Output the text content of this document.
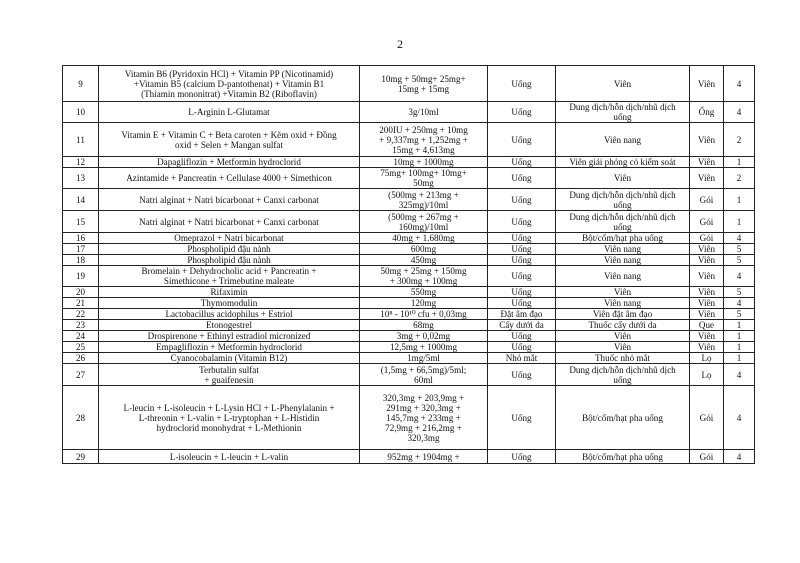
2
9	Vitamin B6 (Pyridoxin HCl) + Vitamin PP (Nicotinamid)
+Vitamin B5 (calcium D-pantothenat) + Vitamin B1
(Thiamin mononitrat) +Vitamin B2 (Riboflavin)	10mg + 50mg+ 25mg+
15mg + 15mg	Uống	Viên	Viên	4
10	L-Arginin L-Glutamat	3g/10ml	Uống	Dung dịch/hỗn dịch/nhũ dịch
uống	Ống	4
11	Vitamin E + Vitamin C + Beta caroten + Kẽm oxid + Đồng
oxid + Selen + Mangan sulfat	200IU + 250mg + 10mg
+ 9,337mg + 1,252mg +
15mg + 4,613mg	Uống	Viên nang	Viên	2
12	Dapagliflozin + Metformin hydroclorid	10mg + 1000mg	Uống	Viên giải phóng có kiểm soát	Viên	1
13	Azintamide + Pancreatin + Cellulase 4000 + Simethicon	75mg+ 100mg+ 10mg+
50mg	Uống	Viên	Viên	2
14	Natri alginat + Natri bicarbonat + Canxi carbonat	(500mg + 213mg +
325mg)/10ml	Uống	Dung dịch/hỗn dịch/nhũ dịch
uống	Gói	1
15	Natri alginat + Natri bicarbonat + Canxi carbonat	(500mg + 267mg +
160mg)/10ml	Uống	Dung dịch/hỗn dịch/nhũ dịch
uống	Gói	1
16	Omeprazol + Natri bicarbonat	40mg + 1.680mg	Uống	Bột/cốm/hạt pha uống	Gói	4
17	Phospholipid đậu nành	600mg	Uống	Viên nang	Viên	5
18	Phospholipid đậu nành	450mg	Uống	Viên nang	Viên	5
19	Bromelain + Dehydrocholic acid + Pancreatin +
Simethicone + Trimebutine maleate	50mg + 25mg + 150mg
+ 300mg + 100mg	Uống	Viên nang	Viên	4
20	Rifaximin	550mg	Uống	Viên	Viên	5
21	Thymomodulin	120mg	Uống	Viên nang	Viên	4
22	Lactobacillus acidophilus + Estriol	10⁸ - 10¹⁰ cfu + 0,03mg	Đặt âm đạo	Viên đặt âm đạo	Viên	5
23	Etonogestrel	68mg	Cấy dưới da	Thuốc cấy dưới da	Que	1
24	Drospirenone + Ethinyl estradiol micronized	3mg + 0,02mg	Uống	Viên	Viên	1
25	Empagliflozin + Metformin hydroclorid	12,5mg + 1000mg	Uống	Viên	Viên	1
26	Cyanocobalamin (Vitamin B12)	1mg/5ml	Nhỏ mắt	Thuốc nhỏ mắt	Lọ	1
27	Terbutalin sulfat
+ guaifenesin	(1,5mg + 66,5mg)/5ml;
60ml	Uống	Dung dịch/hỗn dịch/nhũ dịch
uống	Lọ	4
28	L-leucin + L-isoleucin + L-Lysin HCl + L-Phenylalanin +
L-threonin + L-valin + L-tryptophan + L-Histidin
hydroclorid monohydrat + L-Methionin	320,3mg + 203,9mg +
291mg + 320,3mg +
145,7mg + 233mg +
72,9mg + 216,2mg +
320,3mg	Uống	Bột/cốm/hạt pha uống	Gói	4
29	L-isoleucin + L-leucin + L-valin	952mg + 1904mg +	Uống	Bột/cốm/hạt pha uống	Gói	4
